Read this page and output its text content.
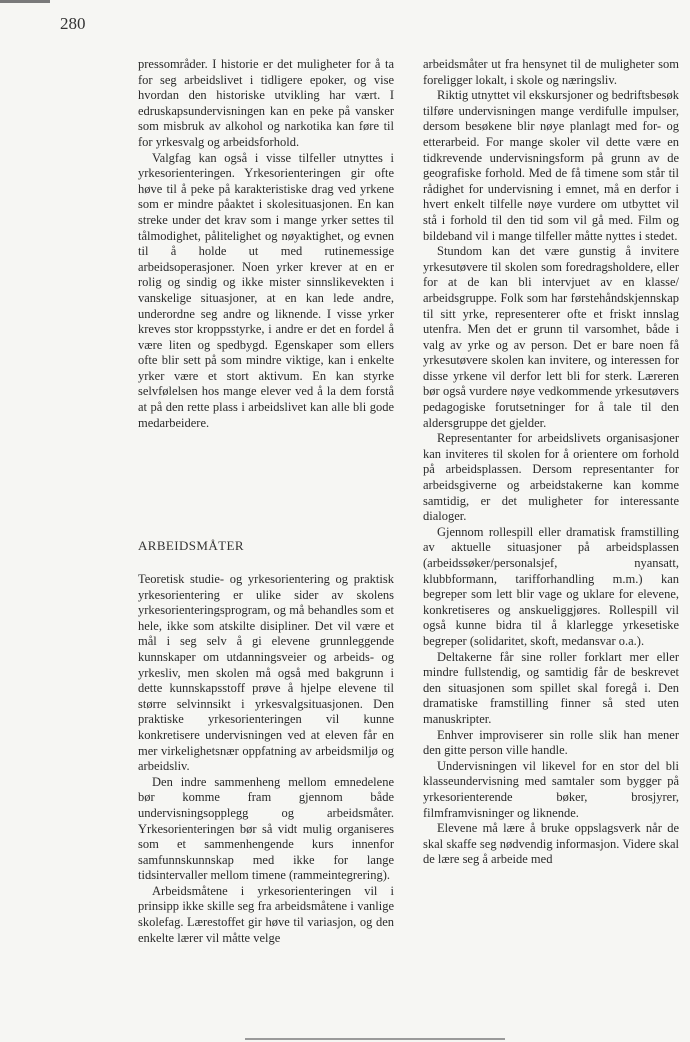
280

pressområder. I historie er det muligheter for å ta for seg arbeidslivet i tidligere epoker, og vise hvordan den historiske utvikling har vært. I edruskapsundervisningen kan en peke på vansker som misbruk av alkohol og narkotika kan føre til for yrkesvalg og arbeidsforhold.

Valgfag kan også i visse tilfeller utnyttes i yrkesorienteringen. Yrkesorienteringen gir ofte høve til å peke på karakteristiske drag ved yrkene som er mindre påaktet i skolesituasjonen. En kan streke under det krav som i mange yrker settes til tålmodighet, pålitelighet og nøyaktighet, og evnen til å holde ut med rutinemessige arbeidsoperasjoner. Noen yrker krever at en er rolig og sindig og ikke mister sinnslikevekten i vanskelige situasjoner, at en kan lede andre, underordne seg andre og liknende. I visse yrker kreves stor kroppsstyrke, i andre er det en fordel å være liten og spedbygd. Egenskaper som ellers ofte blir sett på som mindre viktige, kan i enkelte yrker være et stort aktivum. En kan styrke selvfølelsen hos mange elever ved å la dem forstå at på den rette plass i arbeidslivet kan alle bli gode medarbeidere.

ARBEIDSMÅTER

Teoretisk studie- og yrkesorientering og praktisk yrkesorientering er ulike sider av skolens yrkesorienteringsprogram, og må behandles som et hele, ikke som atskilte disipliner. Det vil være et mål i seg selv å gi elevene grunnleggende kunnskaper om utdanningsveier og arbeids- og yrkesliv, men skolen må også med bakgrunn i dette kunnskapsstoff prøve å hjelpe elevene til større selvinnsikt i yrkesvalgsituasjonen. Den praktiske yrkesorienteringen vil kunne konkretisere undervisningen ved at eleven får en mer virkelighetsnær oppfatning av arbeidsmiljø og arbeidsliv.

Den indre sammenheng mellom emnedelene bør komme fram gjennom både undervisningsopplegg og arbeidsmåter. Yrkesorienteringen bør så vidt mulig organiseres som et sammenhengende kurs innenfor samfunnskunnskap med ikke for lange tidsintervaller mellom timene (rammeintegrering).

Arbeidsmåtene i yrkesorienteringen vil i prinsipp ikke skille seg fra arbeidsmåtene i vanlige skolefag. Lærestoffet gir høve til variasjon, og den enkelte lærer vil måtte velge

arbeidsmåter ut fra hensynet til de muligheter som foreligger lokalt, i skole og næringsliv.

Riktig utnyttet vil ekskursjoner og bedriftsbesøk tilføre undervisningen mange verdifulle impulser, dersom besøkene blir nøye planlagt med for- og etterarbeid. For mange skoler vil dette være en tidkrevende undervisningsform på grunn av de geografiske forhold. Med de få timene som står til rådighet for undervisning i emnet, må en derfor i hvert enkelt tilfelle nøye vurdere om utbyttet vil stå i forhold til den tid som vil gå med. Film og bildeband vil i mange tilfeller måtte nyttes i stedet.

Stundom kan det være gunstig å invitere yrkesutøvere til skolen som foredragsholdere, eller for at de kan bli intervjuet av en klasse/ arbeidsgruppe. Folk som har førstehåndskjennskap til sitt yrke, representerer ofte et friskt innslag utenfra. Men det er grunn til varsomhet, både i valg av yrke og av person. Det er bare noen få yrkesutøvere skolen kan invitere, og interessen for disse yrkene vil derfor lett bli for sterk. Læreren bør også vurdere nøye vedkommende yrkesutøvers pedagogiske forutsetninger for å tale til den aldersgruppe det gjelder.

Representanter for arbeidslivets organisasjoner kan inviteres til skolen for å orientere om forhold på arbeidsplassen. Dersom representanter for arbeidsgiverne og arbeidstakerne kan komme samtidig, er det muligheter for interessante dialoger.

Gjennom rollespill eller dramatisk framstilling av aktuelle situasjoner på arbeidsplassen (arbeidssøker/personalsjef, nyansatt, klubbformann, tarifforhandling m.m.) kan begreper som lett blir vage og uklare for elevene, konkretiseres og anskueliggjøres. Rollespill vil også kunne bidra til å klarlegge yrkesetiske begreper (solidaritet, skoft, medansvar o.a.).

Deltakerne får sine roller forklart mer eller mindre fullstendig, og samtidig får de beskrevet den situasjonen som spillet skal foregå i. Den dramatiske framstilling finner så sted uten manuskripter.

Enhver improviserer sin rolle slik han mener den gitte person ville handle.

Undervisningen vil likevel for en stor del bli klasseundervisning med samtaler som bygger på yrkesorienterende bøker, brosjyrer, filmframvisninger og liknende.

Elevene må lære å bruke oppslagsverk når de skal skaffe seg nødvendig informasjon. Videre skal de lære seg å arbeide med
